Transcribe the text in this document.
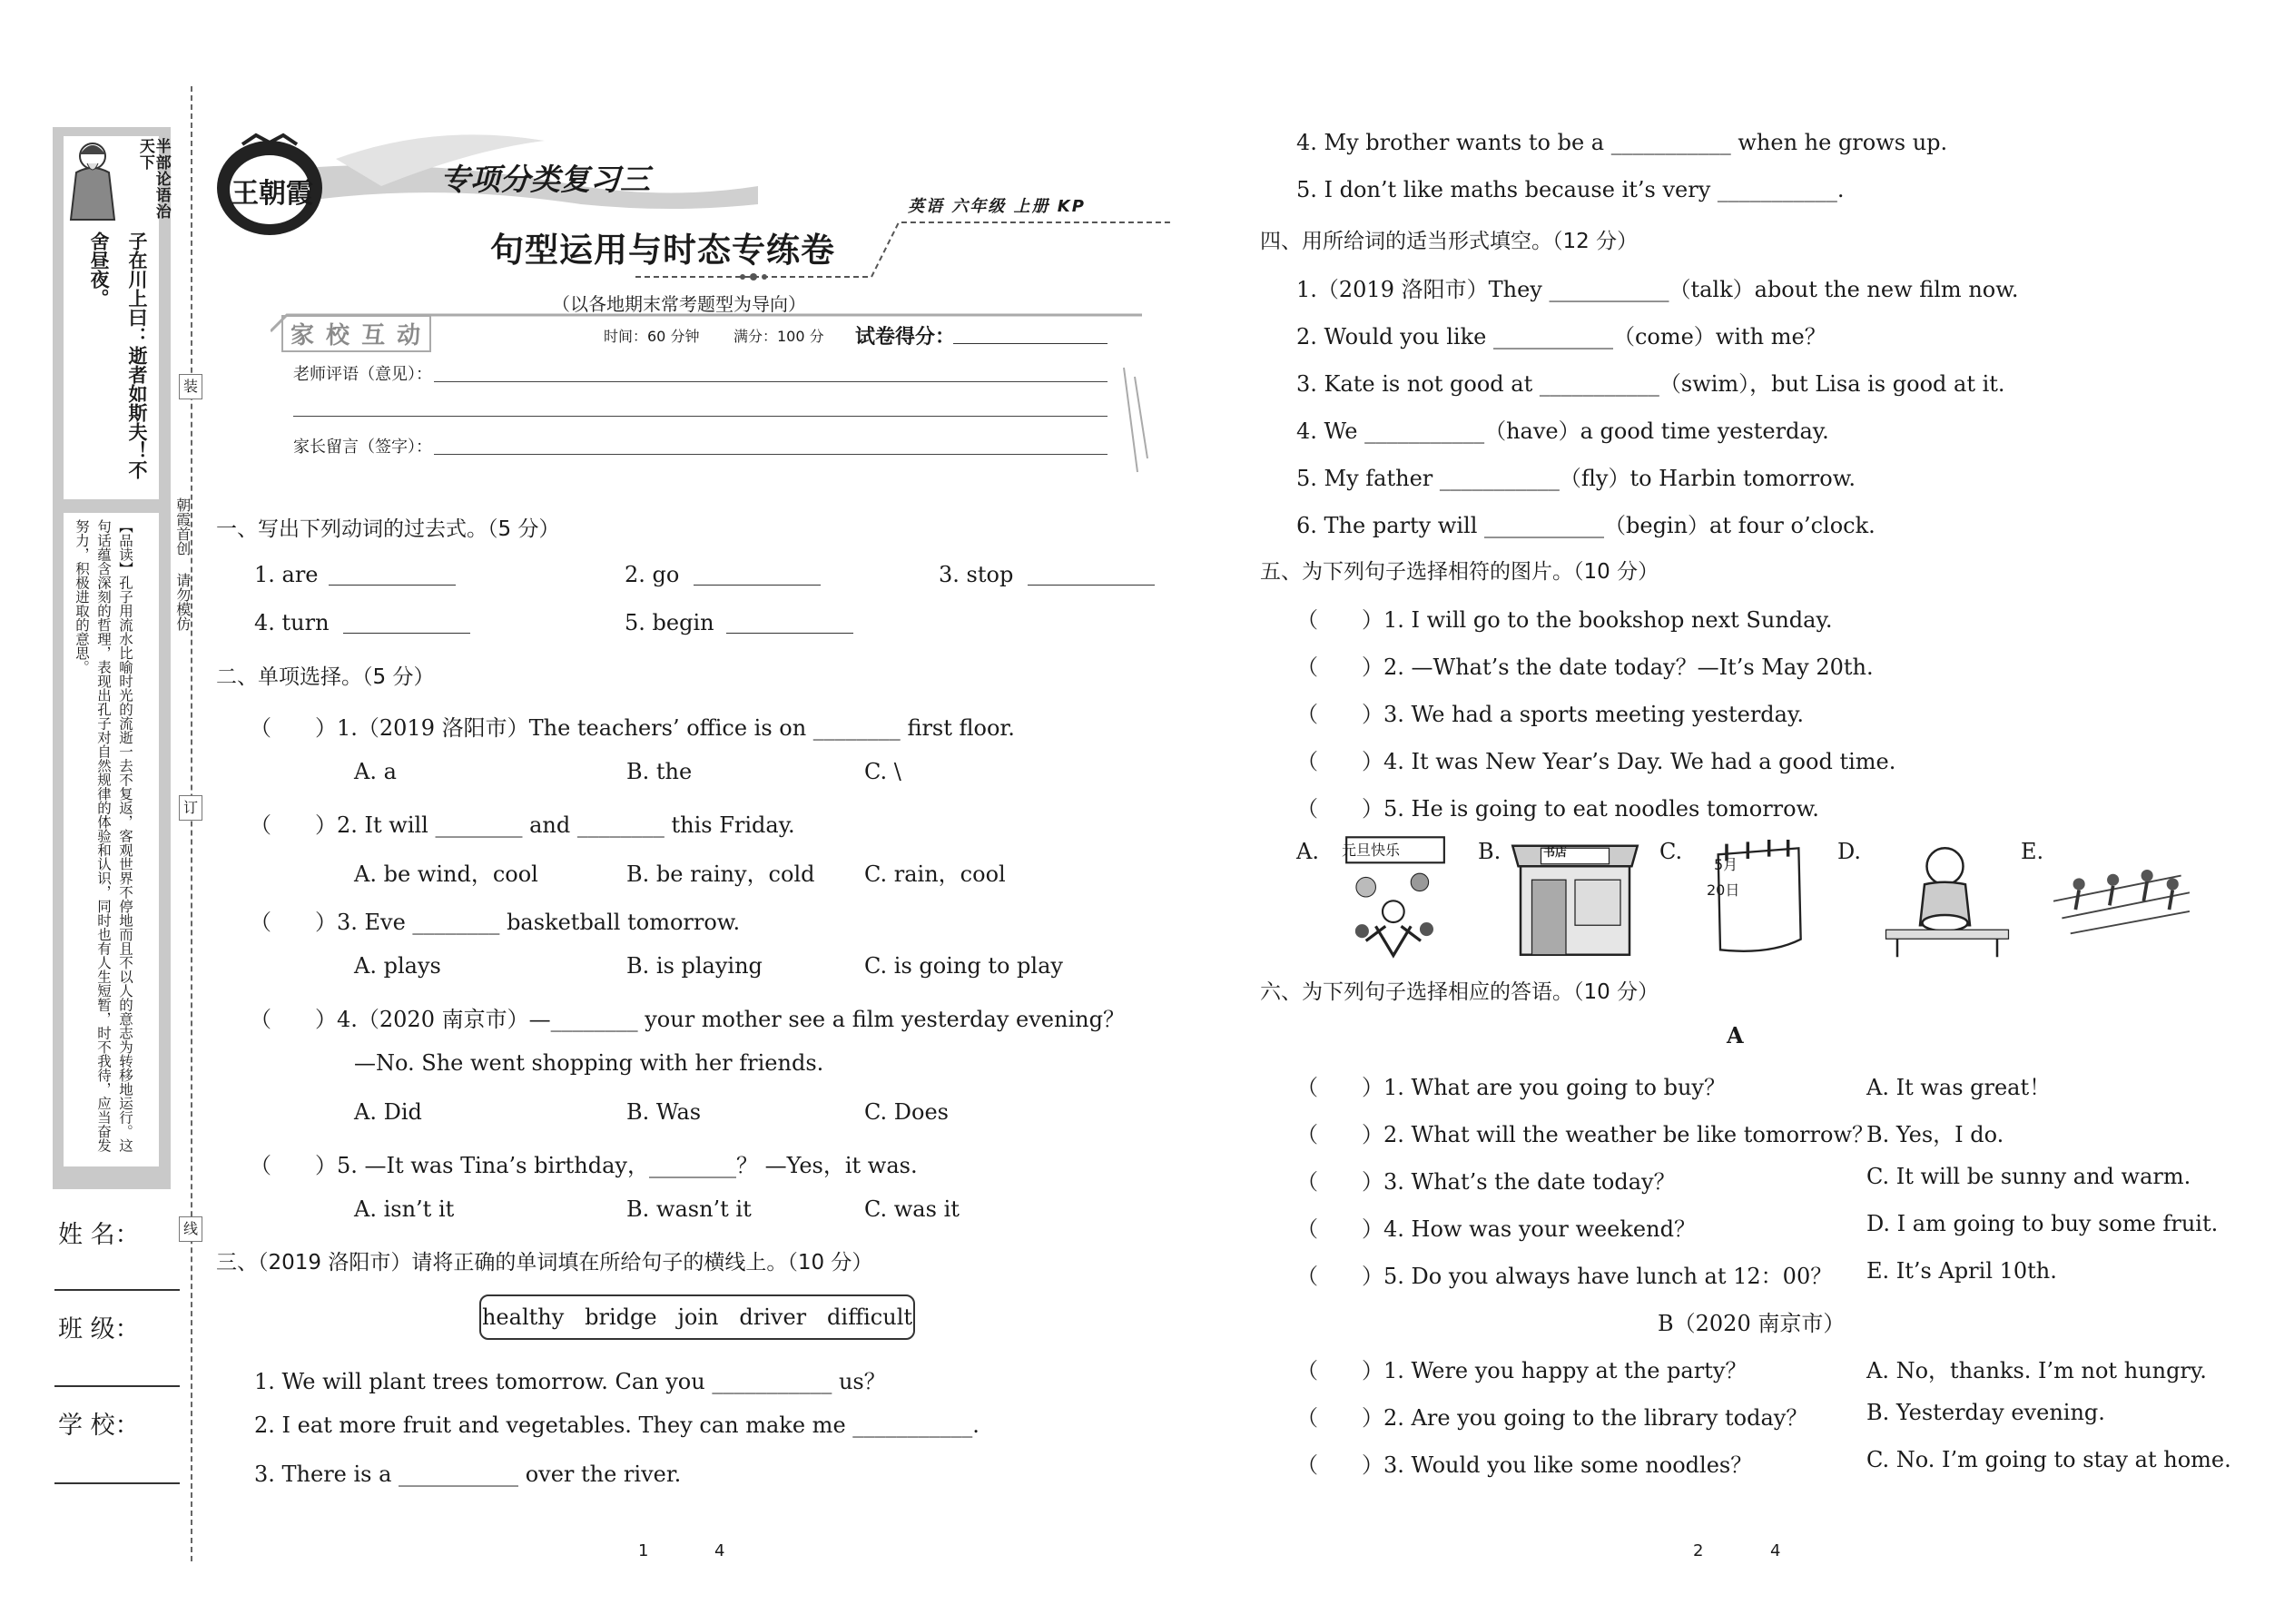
半部论语治天下
子在川上曰：逝者如斯夫！不舍昼夜。
【品读】孔子用流水比喻时光的流逝一去不复返，客观世界不停地而且不以人的意志为转移地运行。这句话蕴含深刻的哲理，表现出孔子对自然规律的体验和认识，同时也有人生短暂，时不我待，应当奋发努力，积极进取的意思。
姓 名：
班 级：
学 校：
装
订
线
朝霞首创 请勿模仿
王朝霞	专项分类复习三
句型运用与时态专练卷
英语 六年级 上册 KP
（以各地期末常考题型为导向）
家 校 互 动	时间：60 分钟 满分：100 分 试卷得分：
老师评语（意见）：
家长留言（签字）：
一、写出下列动词的过去式。（5 分）
1. are	2. go	3. stop
4. turn	5. begin
二、单项选择。（5 分）
（　　）1.（2019 洛阳市）The teachers’ office is on ________ first floor.
A. a	B. the	C. \
（　　）2. It will ________ and ________ this Friday.
A. be wind，cool	B. be rainy，cold C. rain，cool
（　　）3. Eve ________ basketball tomorrow.
A. plays	B. is playing	C. is going to play
（　　）4.（2020 南京市）—________ your mother see a film yesterday evening？
—No. She went shopping with her friends.
A. Did	B. Was	C. Does
（　　）5. —It was Tina’s birthday，________？ —Yes，it was.
A. isn’t it	B. wasn’t it	C. was it
三、（2019 洛阳市）请将正确的单词填在所给句子的横线上。（10 分）
healthy   bridge   join   driver   difficult
1. We will plant trees tomorrow. Can you ___________ us？
2. I eat more fruit and vegetables. They can make me ___________.
3. There is a ___________ over the river.
1	4
4. My brother wants to be a ___________ when he grows up.
5. I don’t like maths because it’s very ___________.
四、用所给词的适当形式填空。（12 分）
1.（2019 洛阳市）They ___________（talk）about the new film now.
2. Would you like ___________（come）with me？
3. Kate is not good at ___________（swim），but Lisa is good at it.
4. We ___________（have）a good time yesterday.
5. My father ___________（fly）to Harbin tomorrow.
6. The party will ___________（begin）at four o’clock.
五、为下列句子选择相符的图片。（10 分）
（　　）1. I will go to the bookshop next Sunday.
（　　）2. —What’s the date today？—It’s May 20th.
（　　）3. We had a sports meeting yesterday.
（　　）4. It was New Year’s Day. We had a good time.
（　　）5. He is going to eat noodles tomorrow.
A. 元旦快乐	B.	书店	C.
5月
20日
D.	E.
六、为下列句子选择相应的答语。（10 分）
A
（　　）1. What are you going to buy？
（　　）2. What will the weather be like tomorrow？
（　　）3. What’s the date today？
（　　）4. How was your weekend？
（　　）5. Do you always have lunch at 12：00？
A. It was great！
B. Yes，I do.
C. It will be sunny and warm.
D. I am going to buy some fruit.
E. It’s April 10th.
B（2020 南京市）
（　　）1. Were you happy at the party？
（　　）2. Are you going to the library today？
（　　）3. Would you like some noodles？
A. No，thanks. I’m not hungry.
B. Yesterday evening.
C. No. I’m going to stay at home.
2	4
